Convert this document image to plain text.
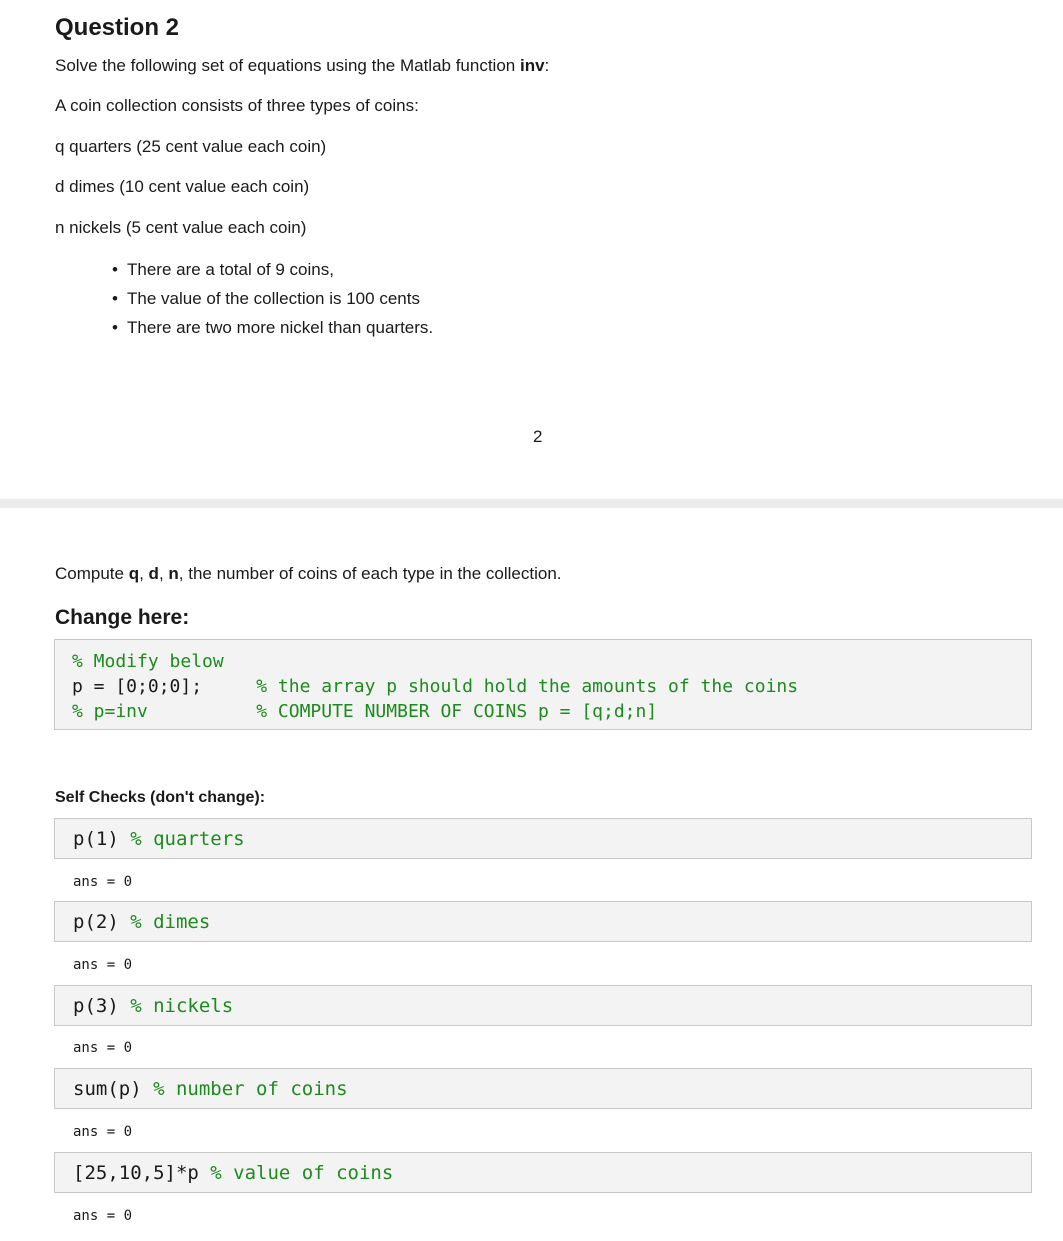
Question 2
Solve the following set of equations using the Matlab function inv:
A coin collection consists of three types of coins:
q quarters (25 cent value each coin)
d dimes (10 cent value each coin)
n nickels (5 cent value each coin)
• There are a total of 9 coins,
• The value of the collection is 100 cents
• There are two more nickel than quarters.
2
Compute q, d, n, the number of coins of each type in the collection.
Change here:
% Modify below
p = [0;0;0];     % the array p should hold the amounts of the coins
% p=inv          % COMPUTE NUMBER OF COINS p = [q;d;n]
Self Checks (don't change):
p(1) % quarters
ans = 0
p(2) % dimes
ans = 0
p(3) % nickels
ans = 0
sum(p) % number of coins
ans = 0
[25,10,5]*p % value of coins
ans = 0
